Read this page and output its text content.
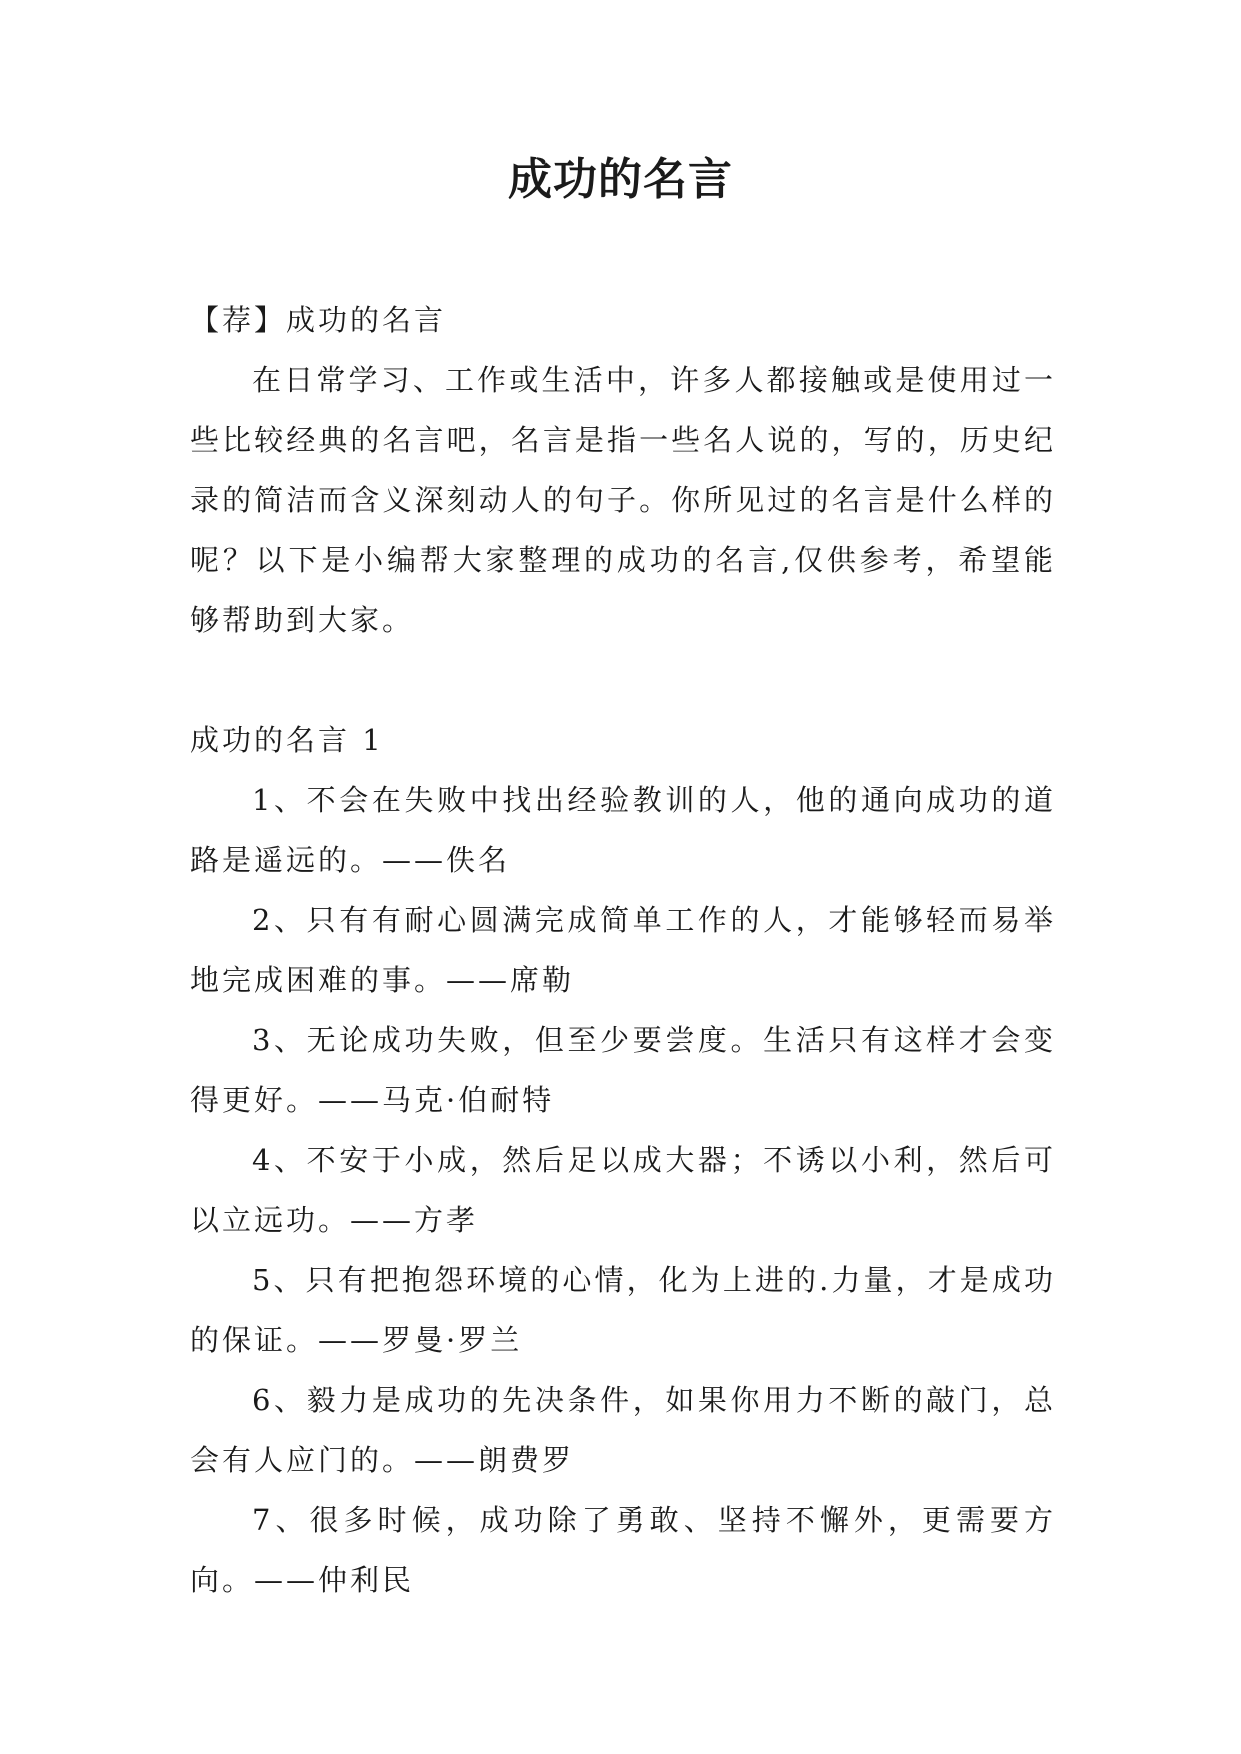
成功的名言

【荐】成功的名言

在日常学习、工作或生活中，许多人都接触或是使用过一些比较经典的名言吧，名言是指一些名人说的，写的，历史纪录的简洁而含义深刻动人的句子。你所见过的名言是什么样的呢？以下是小编帮大家整理的成功的名言,仅供参考，希望能够帮助到大家。

成功的名言 1

1、不会在失败中找出经验教训的人，他的通向成功的道路是遥远的。——佚名

2、只有有耐心圆满完成简单工作的人，才能够轻而易举地完成困难的事。——席勒

3、无论成功失败，但至少要尝度。生活只有这样才会变得更好。——马克·伯耐特

4、不安于小成，然后足以成大器；不诱以小利，然后可以立远功。——方孝

5、只有把抱怨环境的心情，化为上进的.力量，才是成功的保证。——罗曼·罗兰

6、毅力是成功的先决条件，如果你用力不断的敲门，总会有人应门的。——朗费罗

7、很多时候，成功除了勇敢、坚持不懈外，更需要方向。——仲利民
